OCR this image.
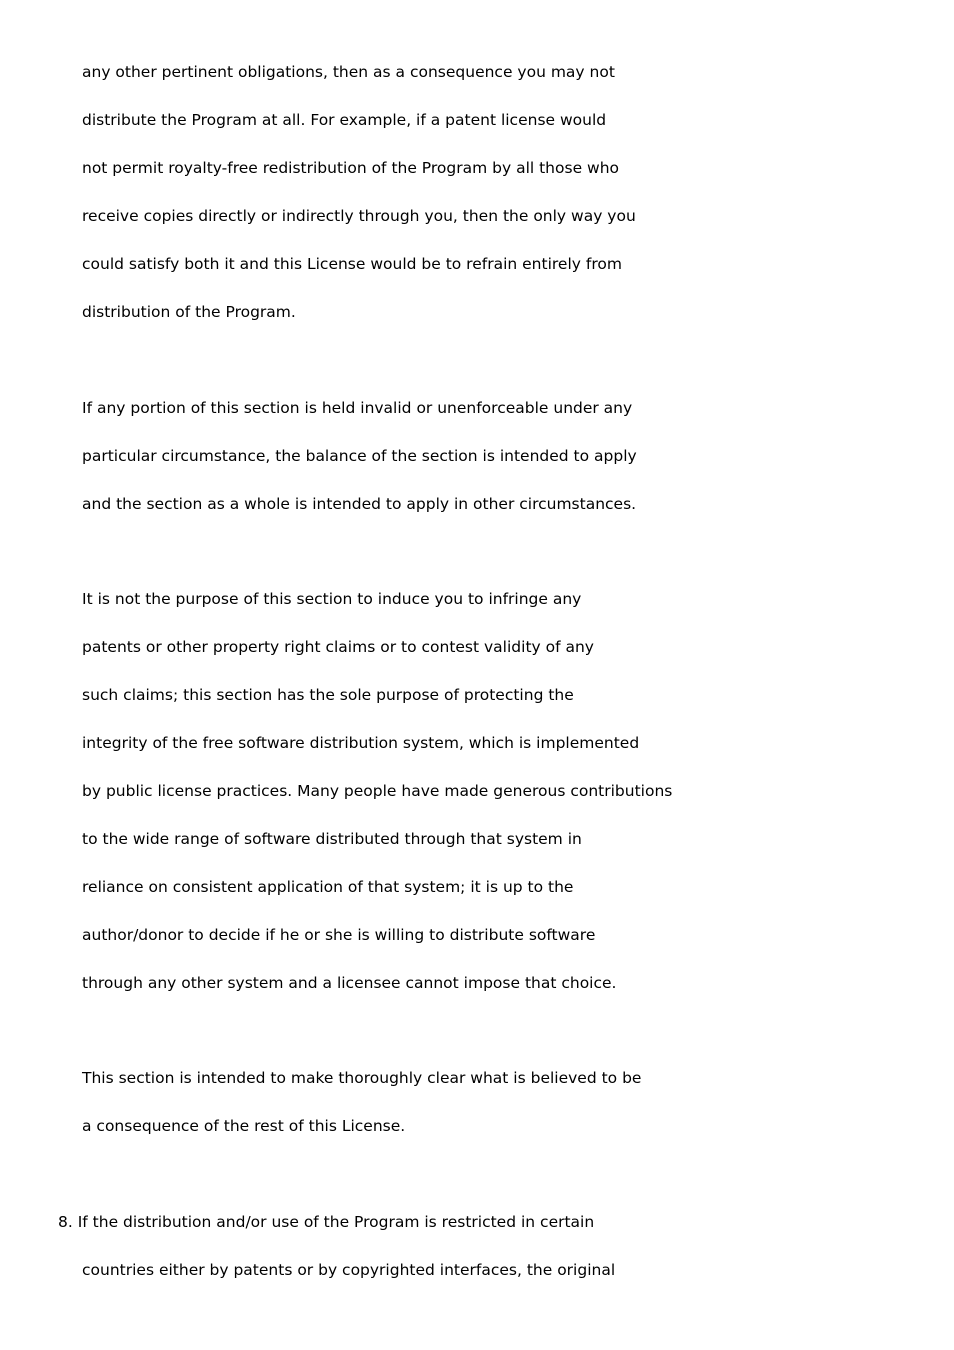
any other pertinent obligations, then as a consequence you may not
distribute the Program at all. For example, if a patent license would
not permit royalty-free redistribution of the Program by all those who
receive copies directly or indirectly through you, then the only way you
could satisfy both it and this License would be to refrain entirely from
distribution of the Program.
If any portion of this section is held invalid or unenforceable under any
particular circumstance, the balance of the section is intended to apply
and the section as a whole is intended to apply in other circumstances.
It is not the purpose of this section to induce you to infringe any
patents or other property right claims or to contest validity of any
such claims; this section has the sole purpose of protecting the
integrity of the free software distribution system, which is implemented
by public license practices. Many people have made generous contributions
to the wide range of software distributed through that system in
reliance on consistent application of that system; it is up to the
author/donor to decide if he or she is willing to distribute software
through any other system and a licensee cannot impose that choice.
This section is intended to make thoroughly clear what is believed to be
a consequence of the rest of this License.
8. If the distribution and/or use of the Program is restricted in certain
countries either by patents or by copyrighted interfaces, the original
